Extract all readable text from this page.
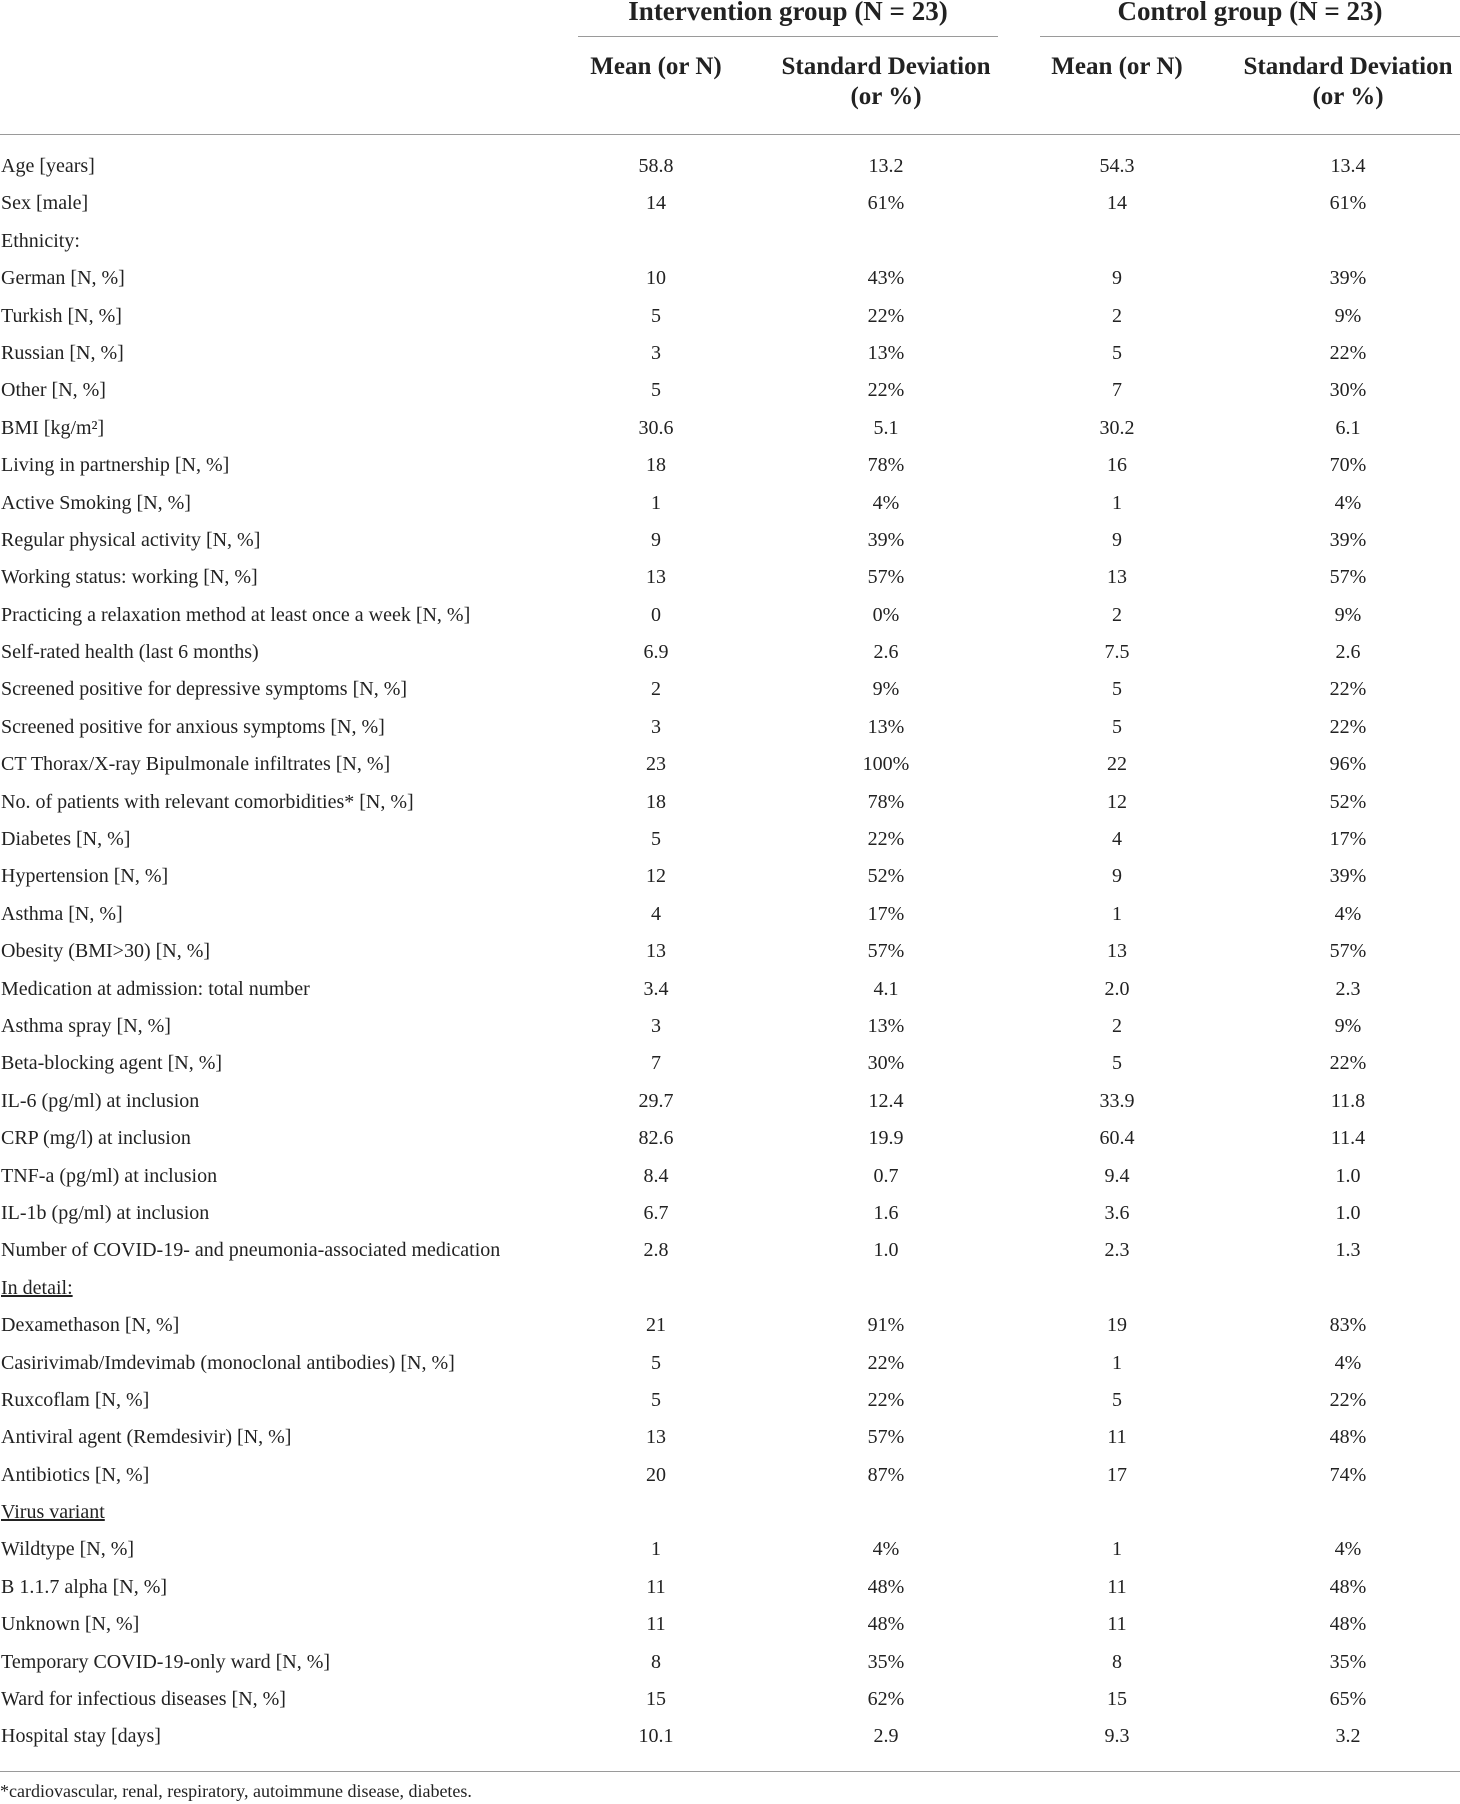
Intervention group (N = 23)	Control group (N = 23)
Mean (or N)	Standard Deviation
(or %)
Mean (or N)	Standard Deviation
(or %)
Age [years]	58.8	13.2	54.3	13.4
Sex [male]	14	61%	14	61%
Ethnicity:
German [N, %]	10	43%	9	39%
Turkish [N, %]	5	22%	2	9%
Russian [N, %]	3	13%	5	22%
Other [N, %]	5	22%	7	30%
BMI [kg/m²]	30.6	5.1	30.2	6.1
Living in partnership [N, %]	18	78%	16	70%
Active Smoking [N, %]	1	4%	1	4%
Regular physical activity [N, %]	9	39%	9	39%
Working status: working [N, %]	13	57%	13	57%
Practicing a relaxation method at least once a week [N, %]	0	0%	2	9%
Self-rated health (last 6 months)	6.9	2.6	7.5	2.6
Screened positive for depressive symptoms [N, %]	2	9%	5	22%
Screened positive for anxious symptoms [N, %]	3	13%	5	22%
CT Thorax/X-ray Bipulmonale infiltrates [N, %]	23	100%	22	96%
No. of patients with relevant comorbidities* [N, %]	18	78%	12	52%
Diabetes [N, %]	5	22%	4	17%
Hypertension [N, %]	12	52%	9	39%
Asthma [N, %]	4	17%	1	4%
Obesity (BMI>30) [N, %]	13	57%	13	57%
Medication at admission: total number	3.4	4.1	2.0	2.3
Asthma spray [N, %]	3	13%	2	9%
Beta-blocking agent [N, %]	7	30%	5	22%
IL-6 (pg/ml) at inclusion	29.7	12.4	33.9	11.8
CRP (mg/l) at inclusion	82.6	19.9	60.4	11.4
TNF-a (pg/ml) at inclusion	8.4	0.7	9.4	1.0
IL-1b (pg/ml) at inclusion	6.7	1.6	3.6	1.0
Number of COVID-19- and pneumonia-associated medication	2.8	1.0	2.3	1.3
In detail:
Dexamethason [N, %]	21	91%	19	83%
Casirivimab/Imdevimab (monoclonal antibodies) [N, %]	5	22%	1	4%
Ruxcoflam [N, %]	5	22%	5	22%
Antiviral agent (Remdesivir) [N, %]	13	57%	11	48%
Antibiotics [N, %]	20	87%	17	74%
Virus variant
Wildtype [N, %]	1	4%	1	4%
B 1.1.7 alpha [N, %]	11	48%	11	48%
Unknown [N, %]	11	48%	11	48%
Temporary COVID-19-only ward [N, %]	8	35%	8	35%
Ward for infectious diseases [N, %]	15	62%	15	65%
Hospital stay [days]	10.1	2.9	9.3	3.2
*cardiovascular, renal, respiratory, autoimmune disease, diabetes.
